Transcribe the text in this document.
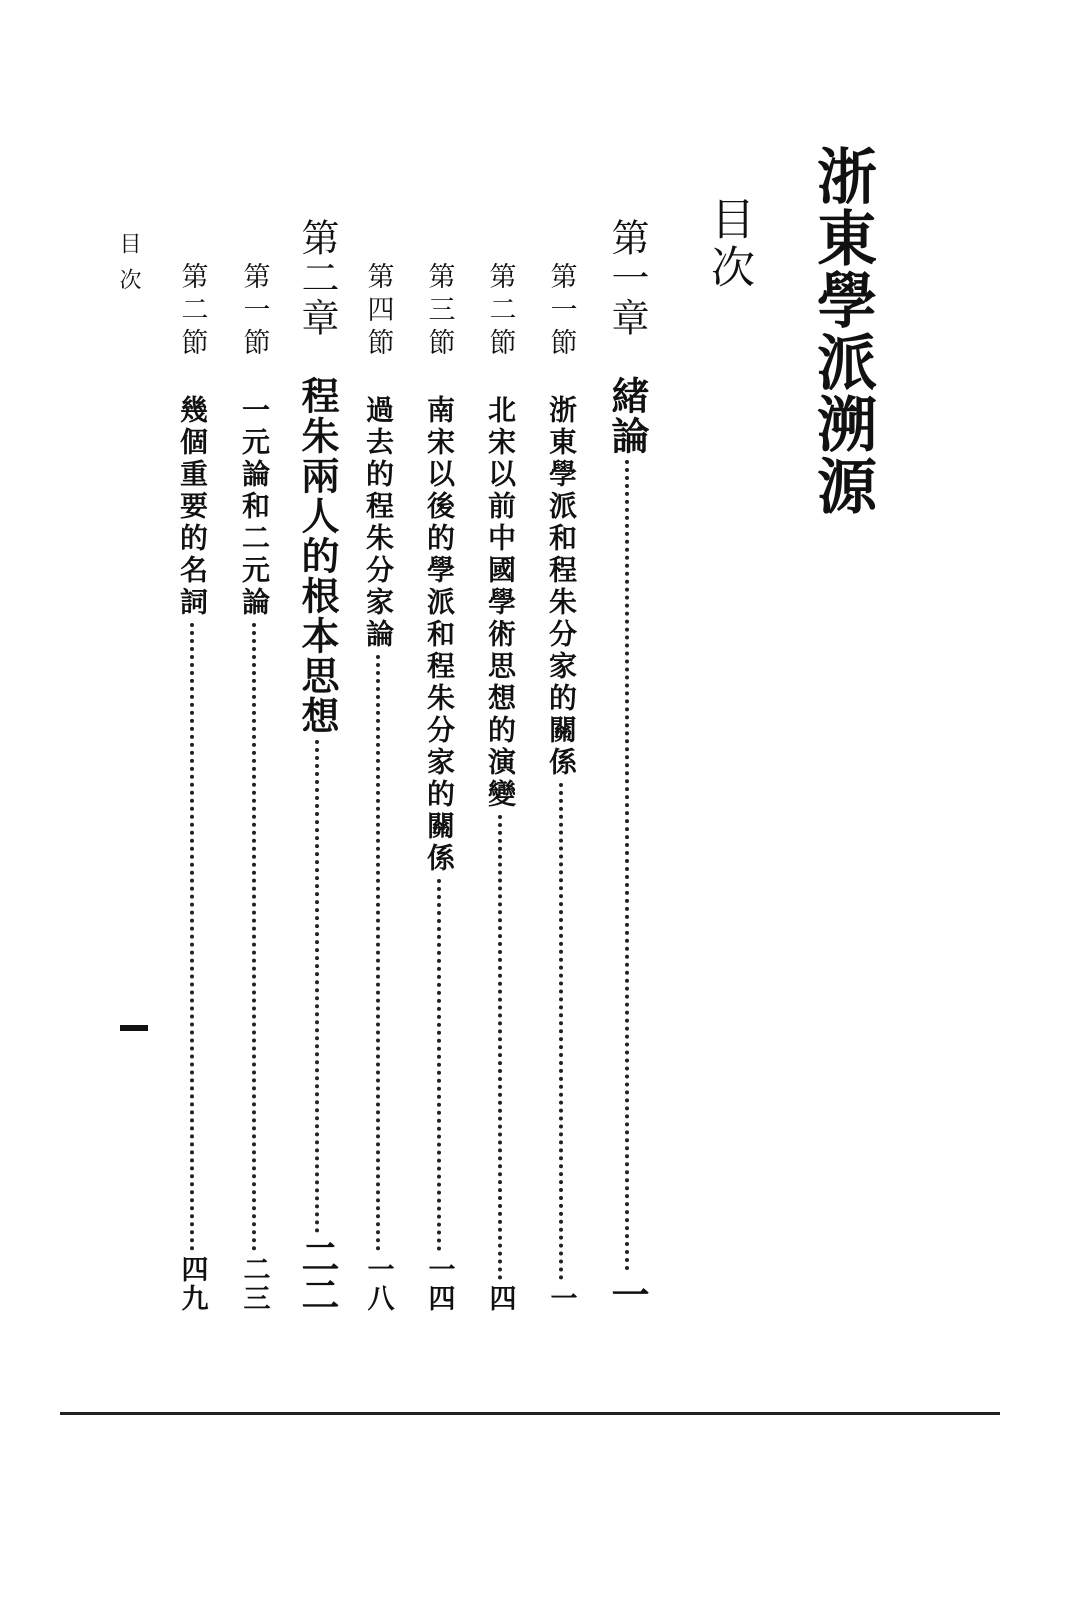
浙東學派溯源
目次
第一章
緒論
一
第一節
浙東學派和程朱分家的關係
一
第二節
北宋以前中國學術思想的演變
四
第三節
南宋以後的學派和程朱分家的關係
一四
第四節
過去的程朱分家論
一八
第二章
程朱兩人的根本思想
二二
第一節
一元論和二元論
二三
第二節
幾個重要的名詞
四九
目次
